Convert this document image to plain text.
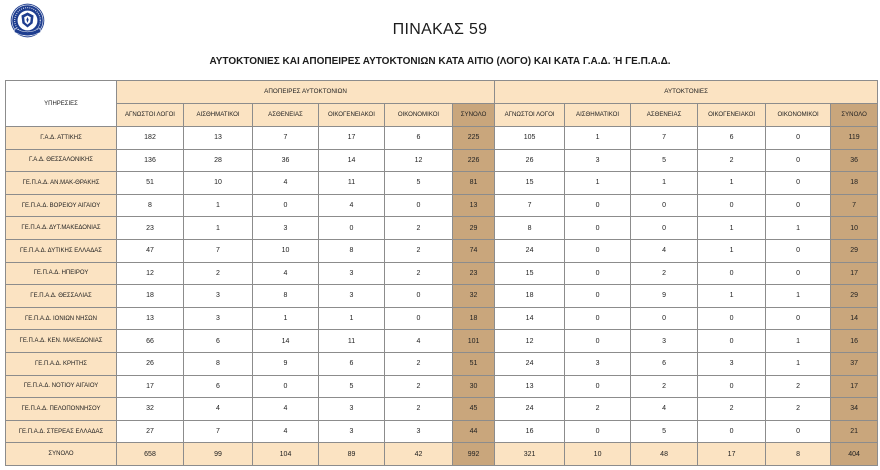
ΠΙΝΑΚΑΣ 59
ΑΥΤΟΚΤΟΝΙΕΣ ΚΑΙ ΑΠΟΠΕΙΡΕΣ ΑΥΤΟΚΤΟΝΙΩΝ ΚΑΤΑ ΑΙΤΙΟ (ΛΟΓΟ) ΚΑΙ ΚΑΤΑ Γ.Α.Δ. Ή ΓΕ.Π.Α.Δ.
ΥΠΗΡΕΣΙΕΣ	ΑΠΟΠΕΙΡΕΣ ΑΥΤΟΚΤΟΝΙΩΝ						ΑΥΤΟΚΤΟΝΙΕΣ					
	ΑΓΝΩΣΤΟΙ ΛΟΓΟΙ	ΑΙΣΘΗΜΑΤΙΚΟΙ	ΑΣΘΕΝΕΙΑΣ	ΟΙΚΟΓΕΝΕΙΑΚΟΙ	ΟΙΚΟΝΟΜΙΚΟΙ	ΣΥΝΟΛΟ	ΑΓΝΩΣΤΟΙ ΛΟΓΟΙ	ΑΙΣΘΗΜΑΤΙΚΟΙ	ΑΣΘΕΝΕΙΑΣ	ΟΙΚΟΓΕΝΕΙΑΚΟΙ	ΟΙΚΟΝΟΜΙΚΟΙ	ΣΥΝΟΛΟ
Γ.Α.Δ. ΑΤΤΙΚΗΣ	182	13	7	17	6	225	105	1	7	6	0	119
Γ.Α.Δ. ΘΕΣΣΑΛΟΝΙΚΗΣ	136	28	36	14	12	226	26	3	5	2	0	36
ΓΕ.Π.Α.Δ. ΑΝ.ΜΑΚ-ΘΡΑΚΗΣ	51	10	4	11	5	81	15	1	1	1	0	18
ΓΕ.Π.Α.Δ. ΒΟΡΕΙΟΥ ΑΙΓΑΙΟΥ	8	1	0	4	0	13	7	0	0	0	0	7
ΓΕ.Π.Α.Δ. ΔΥΤ.ΜΑΚΕΔΟΝΙΑΣ	23	1	3	0	2	29	8	0	0	1	1	10
ΓΕ.Π.Α.Δ. ΔΥΤΙΚΗΣ ΕΛΛΑΔΑΣ	47	7	10	8	2	74	24	0	4	1	0	29
ΓΕ.Π.Α.Δ. ΗΠΕΙΡΟΥ	12	2	4	3	2	23	15	0	2	0	0	17
ΓΕ.Π.Α.Δ. ΘΕΣΣΑΛΙΑΣ	18	3	8	3	0	32	18	0	9	1	1	29
ΓΕ.Π.Α.Δ. ΙΟΝΙΩΝ ΝΗΣΩΝ	13	3	1	1	0	18	14	0	0	0	0	14
ΓΕ.Π.Α.Δ. ΚΕΝ. ΜΑΚΕΔΟΝΙΑΣ	66	6	14	11	4	101	12	0	3	0	1	16
ΓΕ.Π.Α.Δ. ΚΡΗΤΗΣ	26	8	9	6	2	51	24	3	6	3	1	37
ΓΕ.Π.Α.Δ. ΝΟΤΙΟΥ ΑΙΓΑΙΟΥ	17	6	0	5	2	30	13	0	2	0	2	17
ΓΕ.Π.Α.Δ. ΠΕΛΟΠΟΝΝΗΣΟΥ	32	4	4	3	2	45	24	2	4	2	2	34
ΓΕ.Π.Α.Δ. ΣΤΕΡΕΑΣ ΕΛΛΑΔΑΣ	27	7	4	3	3	44	16	0	5	0	0	21
ΣΥΝΟΛΟ	658	99	104	89	42	992	321	10	48	17	8	404
